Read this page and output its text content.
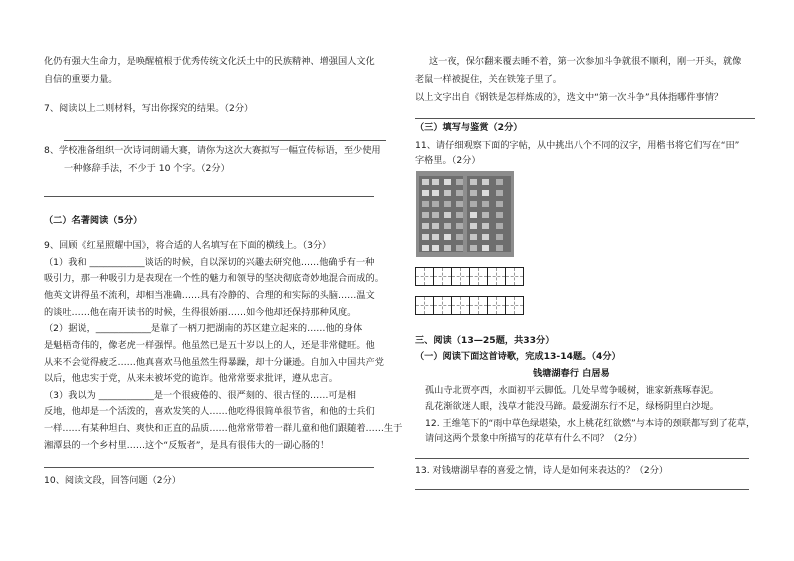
化仍有强大生命力，是唤醒植根于优秀传统文化沃土中的民族精神、增强国人文化
自信的重要力量。
7、阅读以上二则材料，写出你探究的结果。（2分）
8、学校准备组织一次诗词朗诵大赛，请你为这次大赛拟写一幅宣传标语，至少使用
一种修辞手法，不少于 10 个字。（2分）
（二）名著阅读（5分）
9、回顾《红星照耀中国》，将合适的人名填写在下面的横线上。（3分）
（1）我和 ____________谈话的时候，自以深切的兴趣去研究他……他确乎有一种
吸引力，那一种吸引力是表现在一个性的魅力和领导的坚决彻底奇妙地混合而成的。
他英文讲得虽不流利，却相当准确……具有冷静的、合理的和实际的头脑……温文
的谈吐……他在南开读书的时候，生得很娇丽……如今他却还保持那种风度。
（2）据说，____________是靠了一柄刀把湖南的苏区建立起来的……他的身体
是魁梧奇伟的，像老虎一样强悍。他虽然已是五十岁以上的人，还是非常健旺。他
从来不会觉得疲乏……他真喜欢马他虽然生得暴躁，却十分谦逊。自加入中国共产党
以后，他忠实于党，从来未被坏党的诡诈。他常常要求批评，遵从忠言。
（3）我以为 ____________是一个很疲倦的、很严刻的、很古怪的……可是相
反地，他却是一个活泼的，喜欢发笑的人……他吃得很简单很节省，和他的士兵们
一样……有某种坦白、爽快和正直的品质……他常常带着一群儿童和他们跟随着……生于
湘潭县的一个乡村里……这个“反叛者”，是具有很伟大的一副心肠的！
10、阅读文段，回答问题（2分）
这一夜，保尔翻来覆去睡不着，第一次参加斗争就很不顺利，刚一开头，就像
老鼠一样被捉住，关在铁笼子里了。
以上文字出自《钢铁是怎样炼成的》，选文中“第一次斗争”具体指哪件事情？
（三）填写与鉴赏（2分）
11、请仔细观察下面的字帖，从中挑出八个不同的汉字，用楷书将它们写在“田”
字格里。（2分）
三、阅读（13—25题，共33分）
（一）阅读下面这首诗歌，完成13-14题。（4分）
钱塘湖春行 白居易
孤山寺北贾亭西，水面初平云脚低。几处早莺争暖树，谁家新燕啄春泥。
乱花渐欲迷人眼，浅草才能没马蹄。最爱湖东行不足，绿杨阴里白沙堤。
12. 王维笔下的“雨中草色绿堪染，水上桃花红欲燃”与本诗的颈联都写到了花草，
请问这两个景象中所描写的花草有什么不同？（2分）
13. 对钱塘湖早春的喜爱之情，诗人是如何来表达的？（2分）
